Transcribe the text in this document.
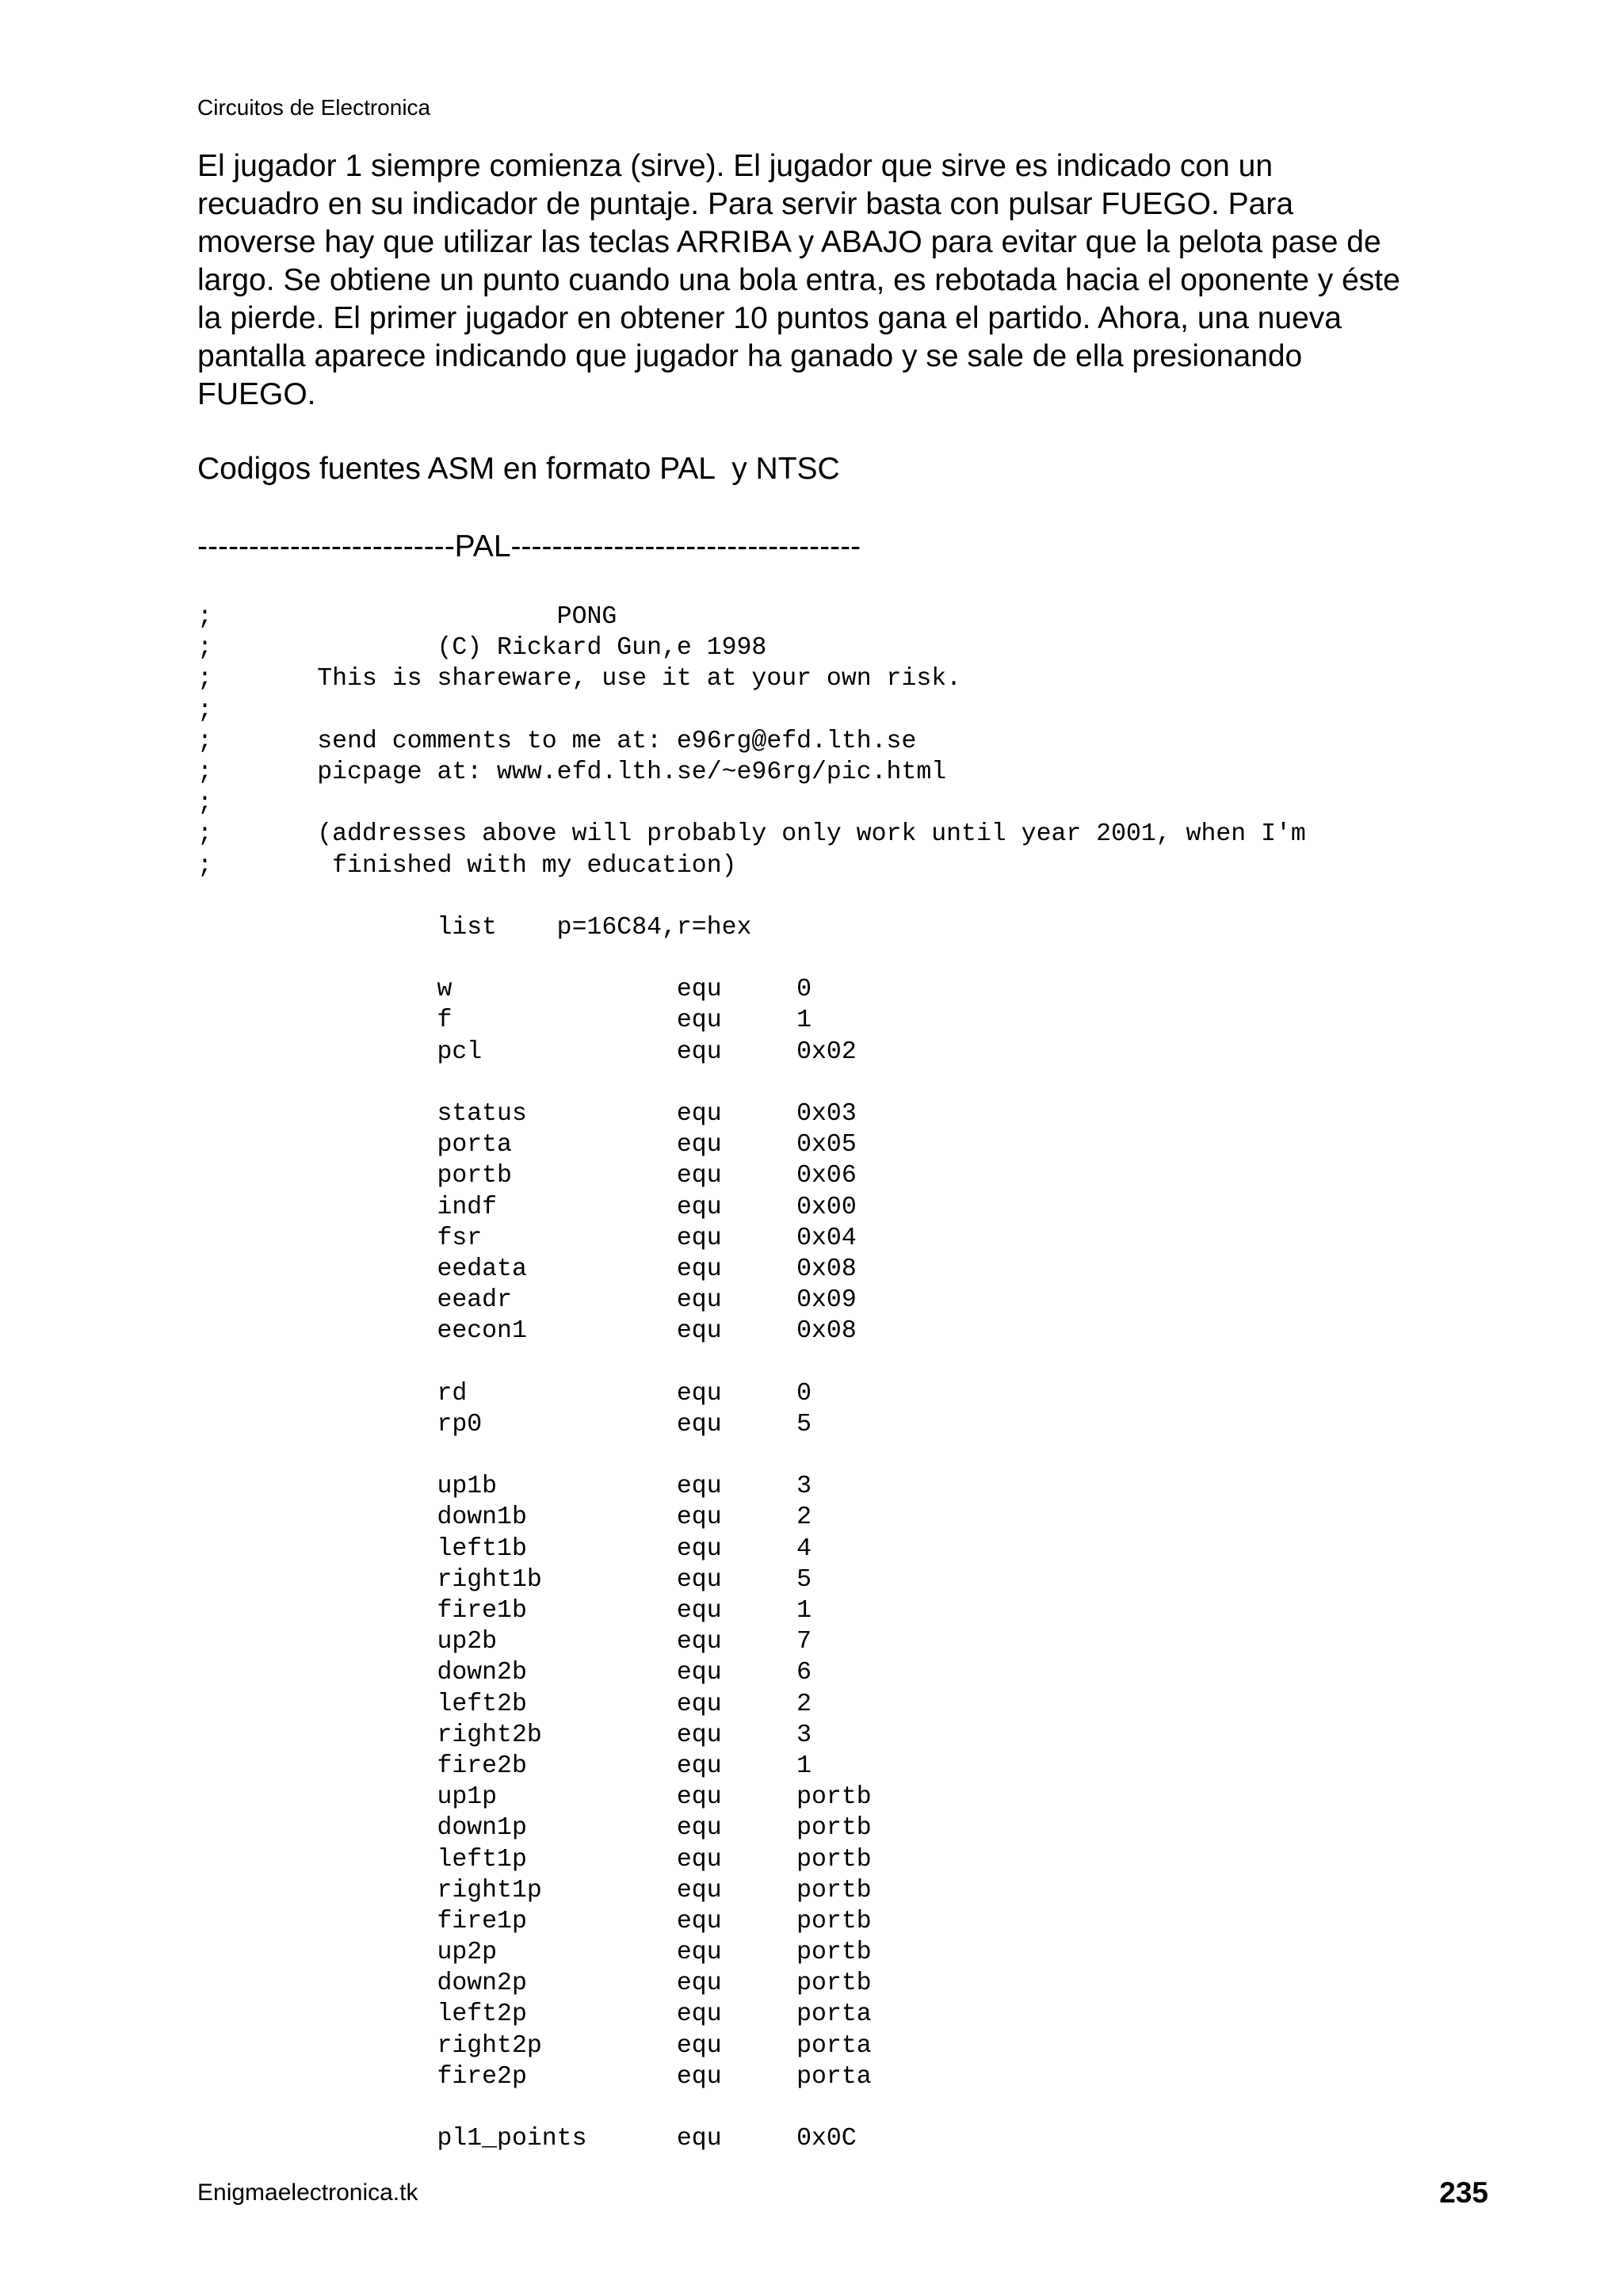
Circuitos de Electronica
El jugador 1 siempre comienza (sirve). El jugador que sirve es indicado con un
recuadro en su indicador de puntaje. Para servir basta con pulsar FUEGO. Para
moverse hay que utilizar las teclas ARRIBA y ABAJO para evitar que la pelota pase de
largo. Se obtiene un punto cuando una bola entra, es rebotada hacia el oponente y éste
la pierde. El primer jugador en obtener 10 puntos gana el partido. Ahora, una nueva
pantalla aparece indicando que jugador ha ganado y se sale de ella presionando
FUEGO.
Codigos fuentes ASM en formato PAL  y NTSC
-------------------------PAL----------------------------------
;                       PONG
;               (C) Rickard Gun,e 1998
;       This is shareware, use it at your own risk.
;
;       send comments to me at: e96rg@efd.lth.se
;       picpage at: www.efd.lth.se/~e96rg/pic.html
;
;       (addresses above will probably only work until year 2001, when I'm
;        finished with my education)
list    p=16C84,r=hex
w               equ     0
f               equ     1
pcl             equ     0x02
status          equ     0x03
porta           equ     0x05
portb           equ     0x06
indf            equ     0x00
fsr             equ     0x04
eedata          equ     0x08
eeadr           equ     0x09
eecon1          equ     0x08
rd              equ     0
rp0             equ     5
up1b            equ     3
down1b          equ     2
left1b          equ     4
right1b         equ     5
fire1b          equ     1
up2b            equ     7
down2b          equ     6
left2b          equ     2
right2b         equ     3
fire2b          equ     1
up1p            equ     portb
down1p          equ     portb
left1p          equ     portb
right1p         equ     portb
fire1p          equ     portb
up2p            equ     portb
down2p          equ     portb
left2p          equ     porta
right2p         equ     porta
fire2p          equ     porta
pl1_points      equ     0x0C
Enigmaelectronica.tk	235
